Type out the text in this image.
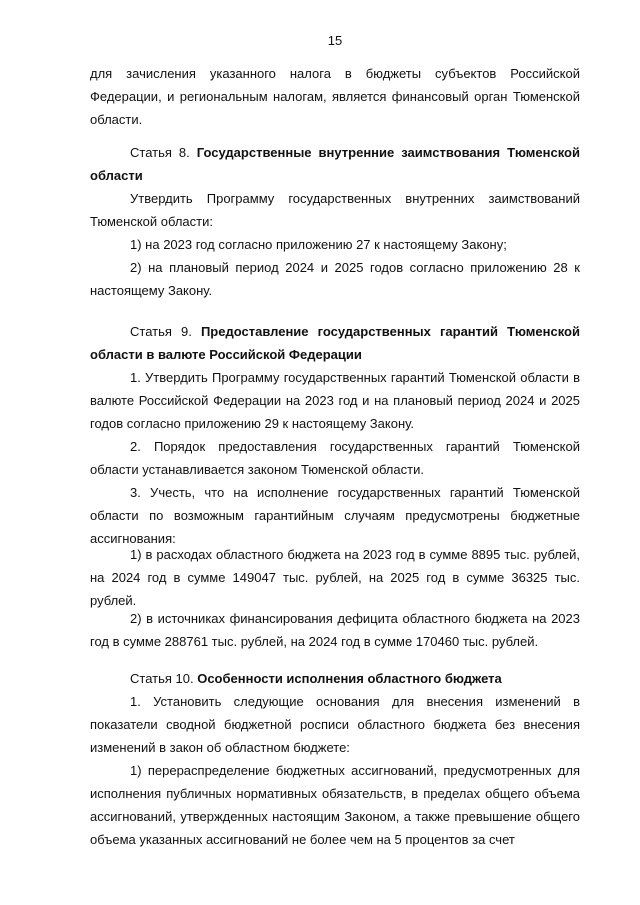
15
для зачисления указанного налога в бюджеты субъектов Российской
Федерации, и региональным налогам, является финансовый орган Тюменской области.
Статья 8. Государственные внутренние заимствования Тюменской области
Утвердить Программу государственных внутренних заимствований Тюменской области:
1) на 2023 год согласно приложению 27 к настоящему Закону;
2) на плановый период 2024 и 2025 годов согласно приложению 28 к настоящему Закону.
Статья 9. Предоставление государственных гарантий Тюменской области в валюте Российской Федерации
1. Утвердить Программу государственных гарантий Тюменской области в валюте Российской Федерации на 2023 год и на плановый период 2024 и 2025 годов согласно приложению 29 к настоящему Закону.
2. Порядок предоставления государственных гарантий Тюменской области устанавливается законом Тюменской области.
3. Учесть, что на исполнение государственных гарантий Тюменской области по возможным гарантийным случаям предусмотрены бюджетные ассигнования:
1) в расходах областного бюджета на 2023 год в сумме 8895 тыс. рублей, на 2024 год в сумме 149047 тыс. рублей, на 2025 год в сумме 36325 тыс. рублей.
2) в источниках финансирования дефицита областного бюджета на 2023 год в сумме 288761 тыс. рублей, на 2024 год в сумме 170460 тыс. рублей.
Статья 10. Особенности исполнения областного бюджета
1. Установить следующие основания для внесения изменений в показатели сводной бюджетной росписи областного бюджета без внесения изменений в закон об областном бюджете:
1) перераспределение бюджетных ассигнований, предусмотренных для исполнения публичных нормативных обязательств, в пределах общего объема ассигнований, утвержденных настоящим Законом, а также превышение общего объема указанных ассигнований не более чем на 5 процентов за счет
